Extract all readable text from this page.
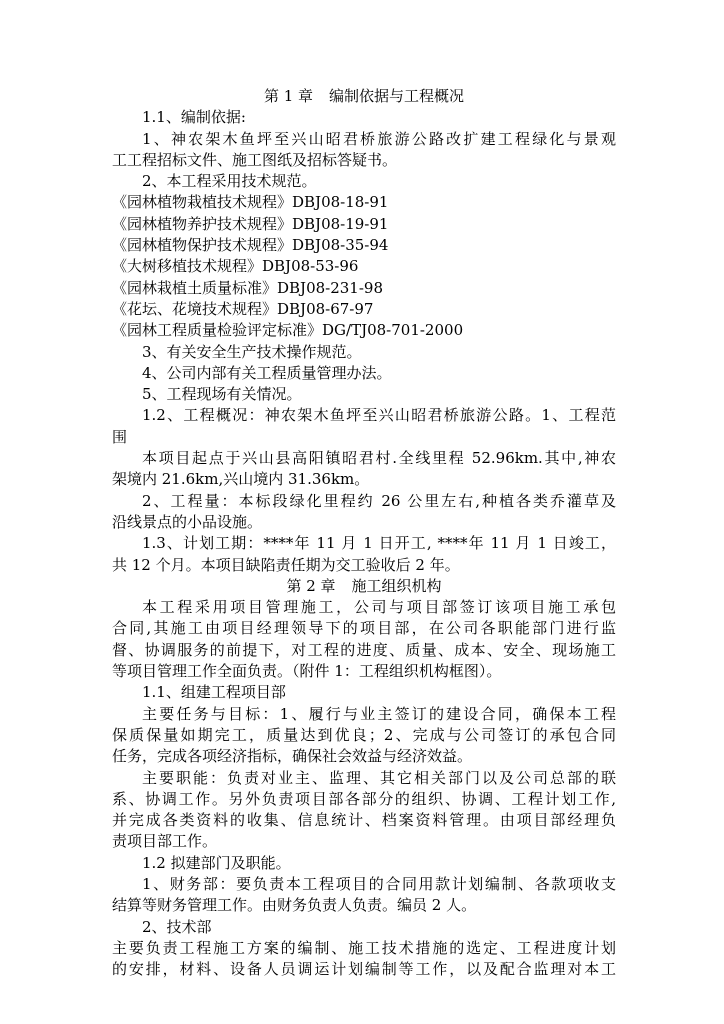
第 1 章 编制依据与工程概况
1.1、编制依据:
1、神农架木鱼坪至兴山昭君桥旅游公路改扩建工程绿化与景观
工工程招标文件、施工图纸及招标答疑书。
2、本工程采用技术规范。
《园林植物栽植技术规程》DBJ08-18-91
《园林植物养护技术规程》DBJ08-19-91
《园林植物保护技术规程》DBJ08-35-94
《大树移植技术规程》DBJ08-53-96
《园林栽植土质量标准》DBJ08-231-98
《花坛、花境技术规程》DBJ08-67-97
《园林工程质量检验评定标准》DG/TJ08-701-2000
3、有关安全生产技术操作规范。
4、公司内部有关工程质量管理办法。
5、工程现场有关情况。
1.2、工程概况：神农架木鱼坪至兴山昭君桥旅游公路。1、工程范
围
本项目起点于兴山县高阳镇昭君村.全线里程 52.96km.其中,神农
架境内 21.6km,兴山境内 31.36km。
2、工程量：本标段绿化里程约 26 公里左右,种植各类乔灌草及
沿线景点的小品设施。
1.3、计划工期：****年 11 月 1 日开工, ****年 11 月 1 日竣工，
共 12 个月。本项目缺陷责任期为交工验收后 2 年。
第 2 章 施工组织机构
本工程采用项目管理施工，公司与项目部签订该项目施工承包
合同,其施工由项目经理领导下的项目部，在公司各职能部门进行监
督、协调服务的前提下，对工程的进度、质量、成本、安全、现场施工
等项目管理工作全面负责。（附件 1：工程组织机构框图）。
1.1、组建工程项目部
主要任务与目标：1、履行与业主签订的建设合同，确保本工程
保质保量如期完工，质量达到优良；2、完成与公司签订的承包合同
任务，完成各项经济指标，确保社会效益与经济效益。
主要职能：负责对业主、监理、其它相关部门以及公司总部的联
系、协调工作。另外负责项目部各部分的组织、协调、工程计划工作,
并完成各类资料的收集、信息统计、档案资料管理。由项目部经理负
责项目部工作。
1.2 拟建部门及职能。
1、财务部：要负责本工程项目的合同用款计划编制、各款项收支
结算等财务管理工作。由财务负责人负责。编员 2 人。
2、技术部
主要负责工程施工方案的编制、施工技术措施的选定、工程进度计划
的安排，材料、设备人员调运计划编制等工作，以及配合监理对本工
